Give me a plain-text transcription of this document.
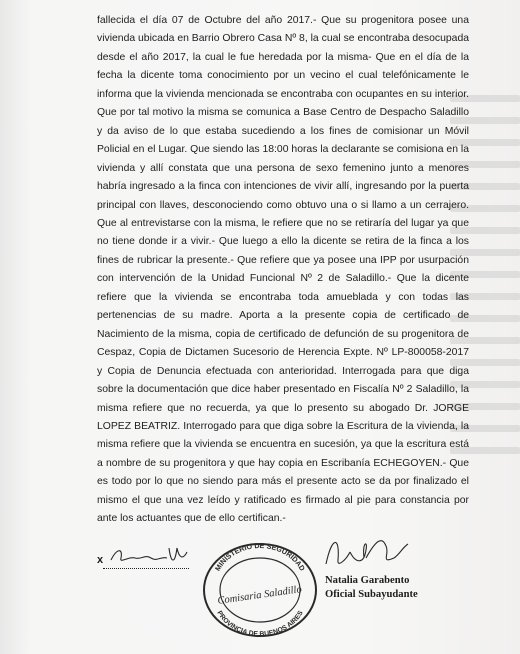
fallecida el día 07 de Octubre del año 2017.- Que su progenitora posee una vivienda ubicada en Barrio Obrero Casa Nº 8, la cual se encontraba desocupada desde el año 2017, la cual le fue heredada por la misma- Que en el día de la fecha la dicente toma conocimiento por un vecino el cual telefónicamente le informa que la vivienda mencionada se encontraba con ocupantes en su interior. Que por tal motivo la misma se comunica a Base Centro de Despacho Saladillo y da aviso de lo que estaba sucediendo a los fines de comisionar un Móvil Policial en el Lugar. Que siendo las 18:00 horas la declarante se comisiona en la vivienda y allí constata que una persona de sexo femenino junto a menores habría ingresado a la finca con intenciones de vivir allí, ingresando por la puerta principal con llaves, desconociendo como obtuvo una o si llamo a un cerrajero. Que al entrevistarse con la misma, le refiere que no se retiraría del lugar ya que no tiene donde ir a vivir.- Que luego a ello la dicente se retira de la finca a los fines de rubricar la presente.- Que refiere que ya posee una IPP por usurpación con intervención de la Unidad Funcional Nº 2 de Saladillo.- Que la dicente refiere que la vivienda se encontraba toda amueblada y con todas las pertenencias de su madre. Aporta a la presente copia de certificado de Nacimiento de la misma, copia de certificado de defunción de su progenitora de Cespaz, Copia de Dictamen Sucesorio de Herencia Expte. Nº LP-800058-2017 y Copia de Denuncia efectuada con anterioridad. Interrogada para que diga sobre la documentación que dice haber presentado en Fiscalía Nº 2 Saladillo, la misma refiere que no recuerda, ya que lo presento su abogado Dr. JORGE LOPEZ BEATRIZ. Interrogado para que diga sobre la Escritura de la vivienda, la misma refiere que la vivienda se encuentra en sucesión, ya que la escritura está a nombre de su progenitora y que hay copia en Escribanía ECHEGOYEN.- Que es todo por lo que no siendo para más el presente acto se da por finalizado el mismo el que una vez leído y ratificado es firmado al pie para constancia por ante los actuantes que de ello certifican.-
x
MINISTERIO DE SEGURIDAD
Comisaria Saladillo
PROVINCIA DE BUENOS AIRES
Natalia Garabento
Oficial Subayudante
